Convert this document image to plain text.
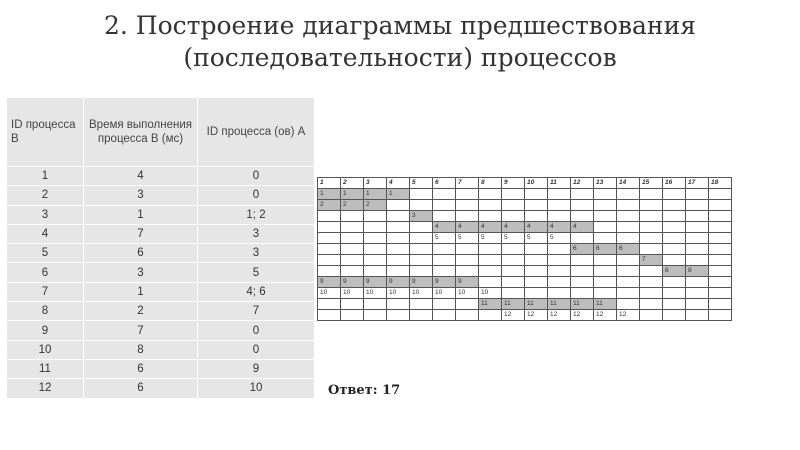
2. Построение диаграммы предшествования
(последовательности) процессов
ID процесса B	Время выполнения процесса B (мс)	ID процесса (ов) A
1	4	0
2	3	0
3	1	1; 2
4	7	3
5	6	3
6	3	5
7	1	4; 6
8	2	7
9	7	0
10	8	0
11	6	9
12	6	10
1	2	3	4	5	6	7	8	9	10	11	12	13	14	15	16	17	18
1	1	1	1														
2	2	2															
				3													
					4	4	4	4	4	4	4						
					5	5	5	5	5	5							
											6	6	6				
														7			
															8	8	
9	9	9	9	9	9	9											
10	10	10	10	10	10	10	10										
							11	11	11	11	11	11					
								12	12	12	12	12	12				
Ответ: 17
